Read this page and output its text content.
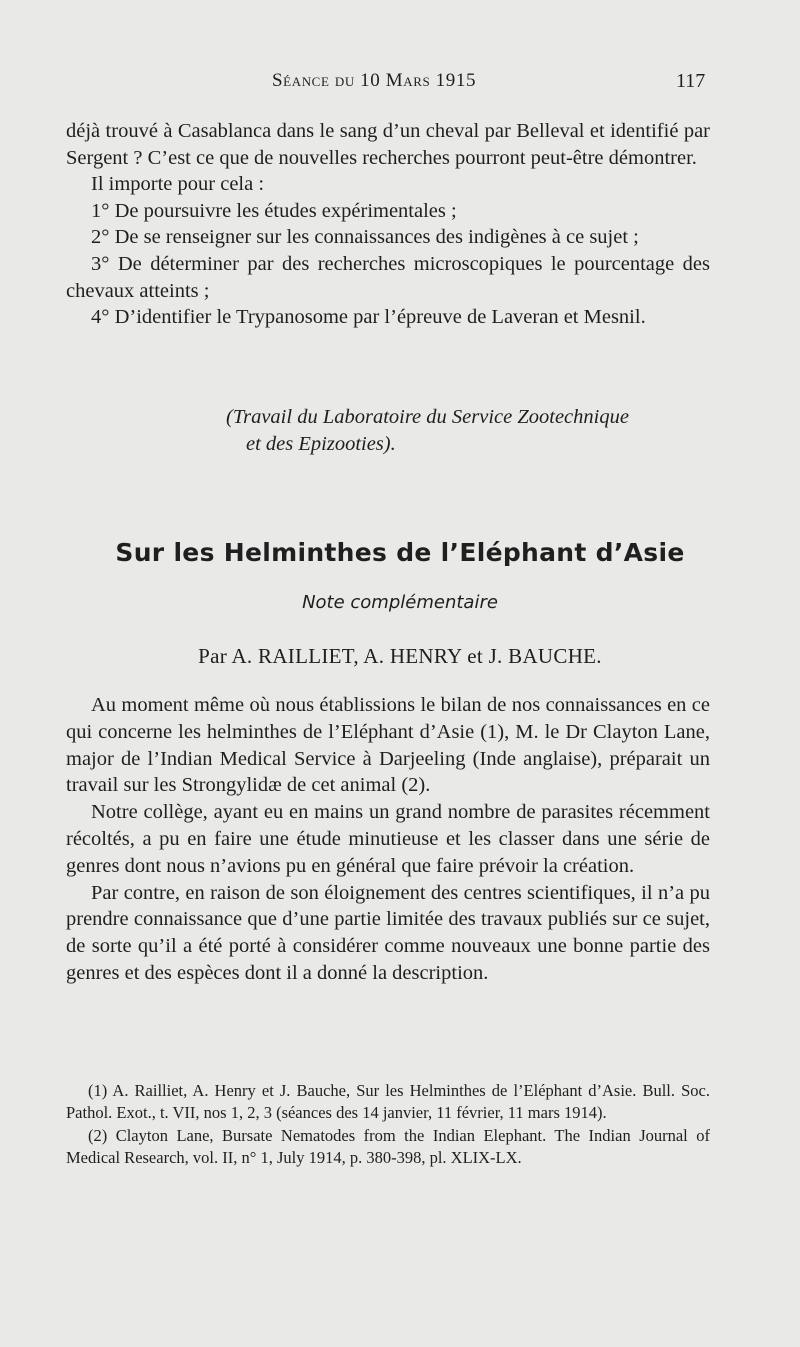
Séance du 10 Mars 1915	117

déjà trouvé à Casablanca dans le sang d’un cheval par Belleval et identifié par Sergent ? C’est ce que de nouvelles recherches pourront peut-être démontrer.

Il importe pour cela :

1° De poursuivre les études expérimentales ;

2° De se renseigner sur les connaissances des indigènes à ce sujet ;

3° De déterminer par des recherches microscopiques le pourcentage des chevaux atteints ;

4° D’identifier le Trypanosome par l’épreuve de Laveran et Mesnil.

(Travail du Laboratoire du Service Zootechnique
et des Epizooties).
Sur les Helminthes de l’Eléphant d’Asie
Note complémentaire
Par A. RAILLIET, A. HENRY et J. BAUCHE.

Au moment même où nous établissions le bilan de nos connaissances en ce qui concerne les helminthes de l’Eléphant d’Asie (1), M. le Dr Clayton Lane, major de l’Indian Medical Service à Darjeeling (Inde anglaise), préparait un travail sur les Strongylidæ de cet animal (2).

Notre collège, ayant eu en mains un grand nombre de parasites récemment récoltés, a pu en faire une étude minutieuse et les classer dans une série de genres dont nous n’avions pu en général que faire prévoir la création.

Par contre, en raison de son éloignement des centres scientifiques, il n’a pu prendre connaissance que d’une partie limitée des travaux publiés sur ce sujet, de sorte qu’il a été porté à considérer comme nouveaux une bonne partie des genres et des espèces dont il a donné la description.

(1) A. Railliet, A. Henry et J. Bauche, Sur les Helminthes de l’Eléphant d’Asie. Bull. Soc. Pathol. Exot., t. VII, nos 1, 2, 3 (séances des 14 janvier, 11 février, 11 mars 1914).

(2) Clayton Lane, Bursate Nematodes from the Indian Elephant. The Indian Journal of Medical Research, vol. II, n° 1, July 1914, p. 380-398, pl. XLIX-LX.
